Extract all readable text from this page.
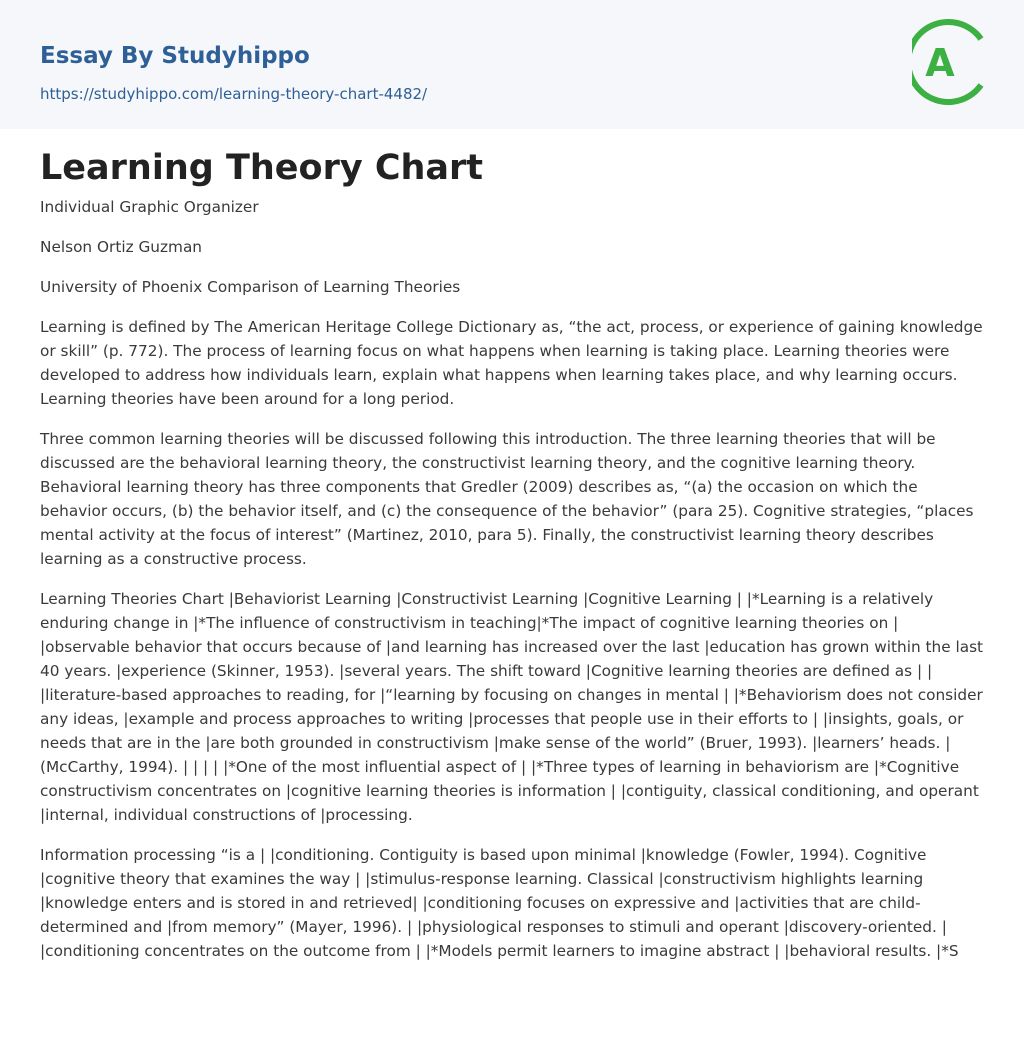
Essay By Studyhippo
https://studyhippo.com/learning-theory-chart-4482/
A
Learning Theory Chart

Individual Graphic Organizer

Nelson Ortiz Guzman

University of Phoenix Comparison of Learning Theories

Learning is defined by The American Heritage College Dictionary as, “the act, process, or experience of gaining knowledge or skill” (p. 772). The process of learning focus on what happens when learning is taking place. Learning theories were developed to address how individuals learn, explain what happens when learning takes place, and why learning occurs. Learning theories have been around for a long period.

Three common learning theories will be discussed following this introduction. The three learning theories that will be discussed are the behavioral learning theory, the constructivist learning theory, and the cognitive learning theory. Behavioral learning theory has three components that Gredler (2009) describes as, “(a) the occasion on which the behavior occurs, (b) the behavior itself, and (c) the consequence of the behavior” (para 25). Cognitive strategies, “places mental activity at the focus of interest” (Martinez, 2010, para 5). Finally, the constructivist learning theory describes learning as a constructive process.

Learning Theories Chart |Behaviorist Learning |Constructivist Learning |Cognitive Learning | |*Learning is a relatively enduring change in |*The influence of constructivism in teaching|*The impact of cognitive learning theories on | |observable behavior that occurs because of |and learning has increased over the last |education has grown within the last 40 years. |experience (Skinner, 1953). |several years. The shift toward |Cognitive learning theories are defined as | | |literature-based approaches to reading, for |“learning by focusing on changes in mental | |*Behaviorism does not consider any ideas, |example and process approaches to writing |processes that people use in their efforts to | |insights, goals, or needs that are in the |are both grounded in constructivism |make sense of the world” (Bruer, 1993). |learners’ heads. |(McCarthy, 1994). | | | | |*One of the most influential aspect of | |*Three types of learning in behaviorism are |*Cognitive constructivism concentrates on |cognitive learning theories is information | |contiguity, classical conditioning, and operant |internal, individual constructions of |processing.

Information processing “is a | |conditioning. Contiguity is based upon minimal |knowledge (Fowler, 1994). Cognitive |cognitive theory that examines the way | |stimulus-response learning. Classical |constructivism highlights learning |knowledge enters and is stored in and retrieved| |conditioning focuses on expressive and |activities that are child-determined and |from memory” (Mayer, 1996). | |physiological responses to stimuli and operant |discovery-oriented. | |conditioning concentrates on the outcome from | |*Models permit learners to imagine abstract | |behavioral results. |*S
